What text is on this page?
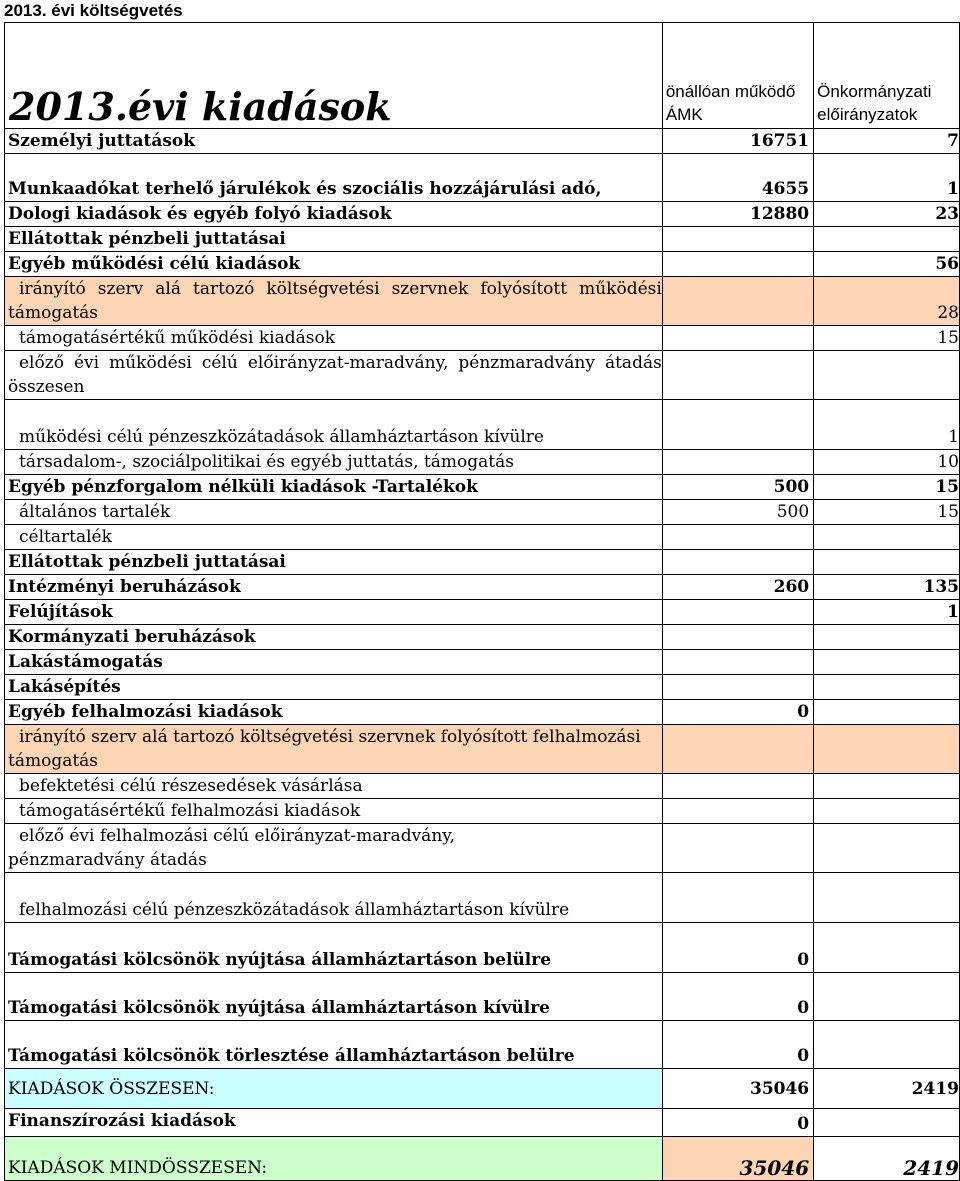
2013. évi költségvetés
2013.évi kiadások	önállóan működő ÁMK	Önkormányzati előirányzatok
Személyi juttatások	16751	7
Munkaadókat terhelő járulékok és szociális hozzájárulási adó,	4655	1
Dologi kiadások és egyéb folyó kiadások	12880	23
Ellátottak pénzbeli juttatásai		
Egyéb működési célú kiadások		56
irányító szerv alá tartozó költségvetési szervnek folyósított működési támogatás		28
támogatásértékű működési kiadások		15
előző évi működési célú előirányzat-maradvány, pénzmaradvány átadás összesen		
működési célú pénzeszközátadások államháztartáson kívülre		1
társadalom-, szociálpolitikai és egyéb juttatás, támogatás		10
Egyéb pénzforgalom nélküli kiadások -Tartalékok	500	15
általános tartalék	500	15
céltartalék		
Ellátottak pénzbeli juttatásai		
Intézményi beruházások	260	135
Felújítások		1
Kormányzati beruházások		
Lakástámogatás		
Lakásépítés		
Egyéb felhalmozási kiadások	0	
irányító szerv alá tartozó költségvetési szervnek folyósított felhalmozási támogatás		
befektetési célú részesedések vásárlása		
támogatásértékű felhalmozási kiadások		
előző évi felhalmozási célú előirányzat-maradvány, pénzmaradvány átadás		
felhalmozási célú pénzeszközátadások államháztartáson kívülre		
Támogatási kölcsönök nyújtása államháztartáson belülre	0	
Támogatási kölcsönök nyújtása államháztartáson kívülre	0	
Támogatási kölcsönök törlesztése államháztartáson belülre	0	
KIADÁSOK ÖSSZESEN:	35046	2419
Finanszírozási kiadások	0	
KIADÁSOK MINDÖSSZESEN:	35046	2419
